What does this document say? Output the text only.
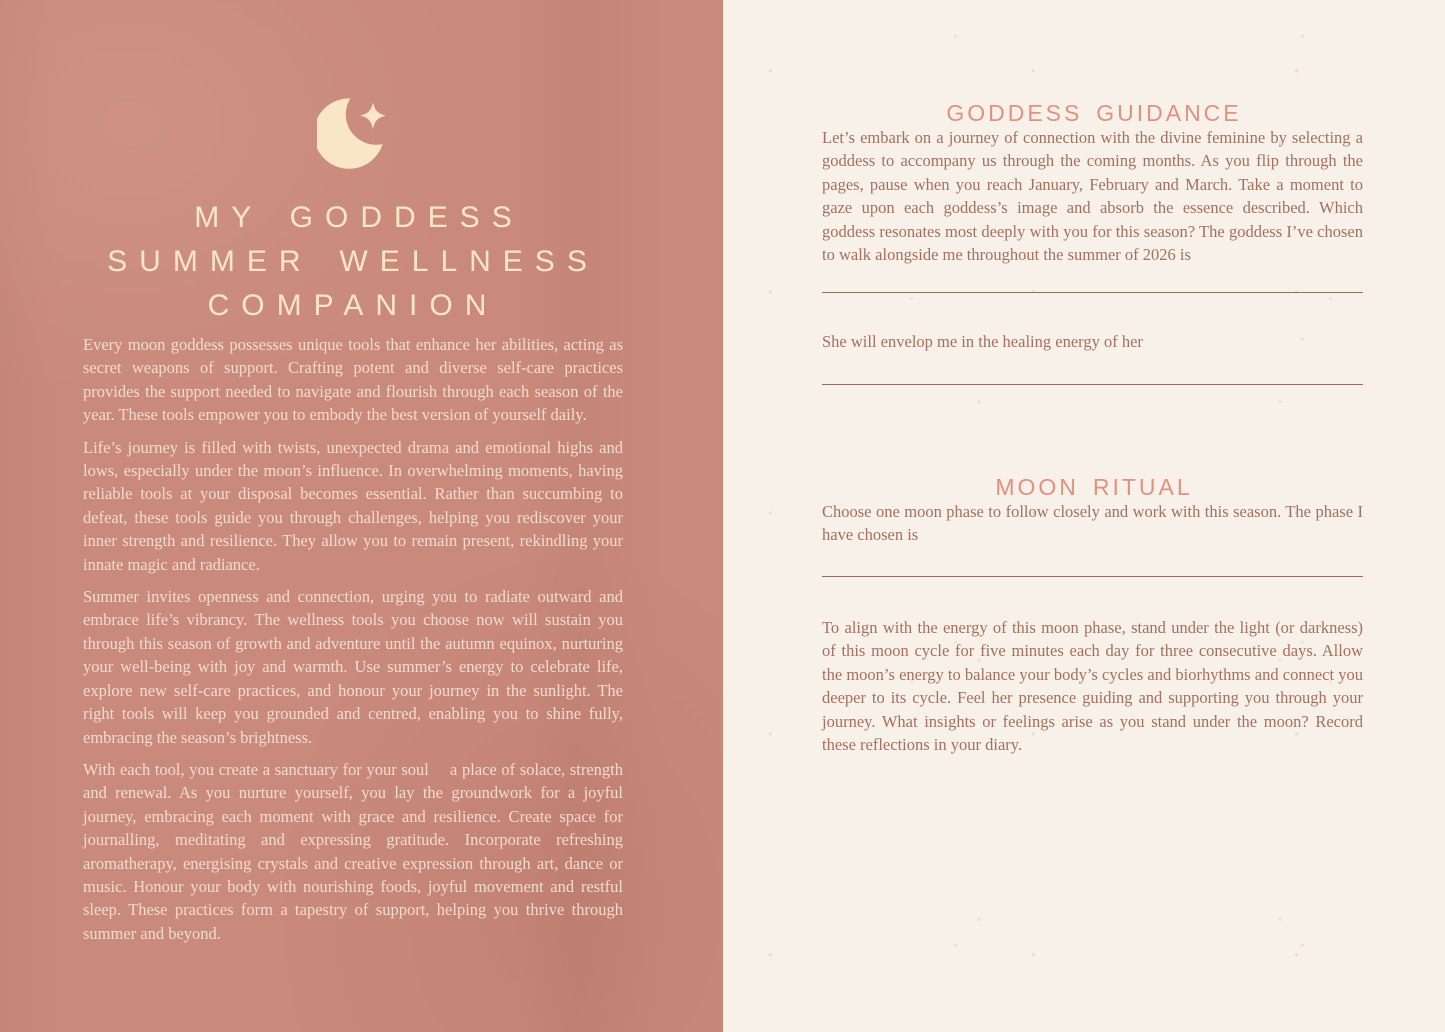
MY GODDESS
SUMMER WELLNESS
COMPANION

Every moon goddess possesses unique tools that enhance her abilities, acting as secret weapons of support. Crafting potent and diverse self-care practices provides the support needed to navigate and flourish through each season of the year. These tools empower you to embody the best version of yourself daily.

Life’s journey is filled with twists, unexpected drama and emotional highs and lows, especially under the moon’s influence. In overwhelming moments, having reliable tools at your disposal becomes essential. Rather than succumbing to defeat, these tools guide you through challenges, helping you rediscover your inner strength and resilience. They allow you to remain present, rekindling your innate magic and radiance.

Summer invites openness and connection, urging you to radiate outward and embrace life’s vibrancy. The wellness tools you choose now will sustain you through this season of growth and adventure until the autumn equinox, nurturing your well-being with joy and warmth. Use summer’s energy to celebrate life, explore new self-care practices, and honour your journey in the sunlight. The right tools will keep you grounded and centred, enabling you to shine fully, embracing the season’s brightness.

With each tool, you create a sanctuary for your soul  a place of solace, strength and renewal. As you nurture yourself, you lay the groundwork for a joyful journey, embracing each moment with grace and resilience. Create space for journalling, meditating and expressing gratitude. Incorporate refreshing aromatherapy, energising crystals and creative expression through art, dance or music. Honour your body with nourishing foods, joyful movement and restful sleep. These practices form a tapestry of support, helping you thrive through summer and beyond.

GODDESS GUIDANCE

Let’s embark on a journey of connection with the divine feminine by selecting a goddess to accompany us through the coming months. As you flip through the pages, pause when you reach January, February and March. Take a moment to gaze upon each goddess’s image and absorb the essence described. Which goddess resonates most deeply with you for this season? The goddess I’ve chosen to walk alongside me throughout the summer of 2026 is

She will envelop me in the healing energy of her

MOON RITUAL

Choose one moon phase to follow closely and work with this season. The phase I have chosen is

To align with the energy of this moon phase, stand under the light (or darkness) of this moon cycle for five minutes each day for three consecutive days. Allow the moon’s energy to balance your body’s cycles and biorhythms and connect you deeper to its cycle. Feel her presence guiding and supporting you through your journey. What insights or feelings arise as you stand under the moon? Record these reflections in your diary.
